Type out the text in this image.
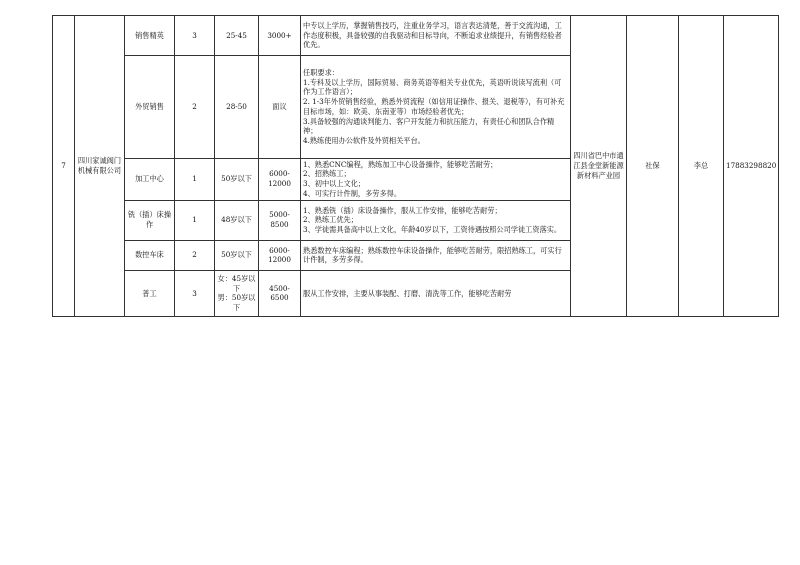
7	四川家诚阀门机械有限公司	销售精英	3	25-45	3000+	中专以上学历，掌握销售技巧，注重业务学习，语言表达清楚，善于交流沟通，工作态度积极，具备较强的自我驱动和目标导向，不断追求业绩提升，有销售经验者优先。	四川省巴中市通江县金堂新能源新材料产业园	社保	李总	17883298820
		外贸销售	2	28-50	面议	任职要求：
1.专科及以上学历，国际贸易、商务英语等相关专业优先，英语听说读写流利（可作为工作语言）；
2. 1-3年外贸销售经验，熟悉外贸流程（如信用证操作、报关、退税等），有可补充目标市场，如：欧美、东南亚等）市场经验者优先；
3.具备较强的沟通谈判能力、客户开发能力和抗压能力，有责任心和团队合作精神；
4.熟练使用办公软件及外贸相关平台。				

		加工中心	1	50岁以下	6000-12000	1、熟悉CNC编程，熟练加工中心设备操作，能够吃苦耐劳；
2、招熟练工；
3、初中以上文化；
4、可实行计件制，多劳多得。				

		铣（插）床操作	1	48岁以下	5000-8500	1、熟悉铣（插）床设备操作，服从工作安排，能够吃苦耐劳；
2、熟练工优先；
3、学徒需具备高中以上文化，年龄40岁以下，工资待遇按照公司学徒工资落实。				

		数控车床	2	50岁以下	6000-12000	熟悉数控车床编程；熟练数控车床设备操作，能够吃苦耐劳，限招熟练工，可实行计件制，多劳多得。				

		普工	3	女：45岁以下
男：50岁以下	4500-6500	服从工作安排，主要从事装配、打磨、清洗等工作，能够吃苦耐劳				
